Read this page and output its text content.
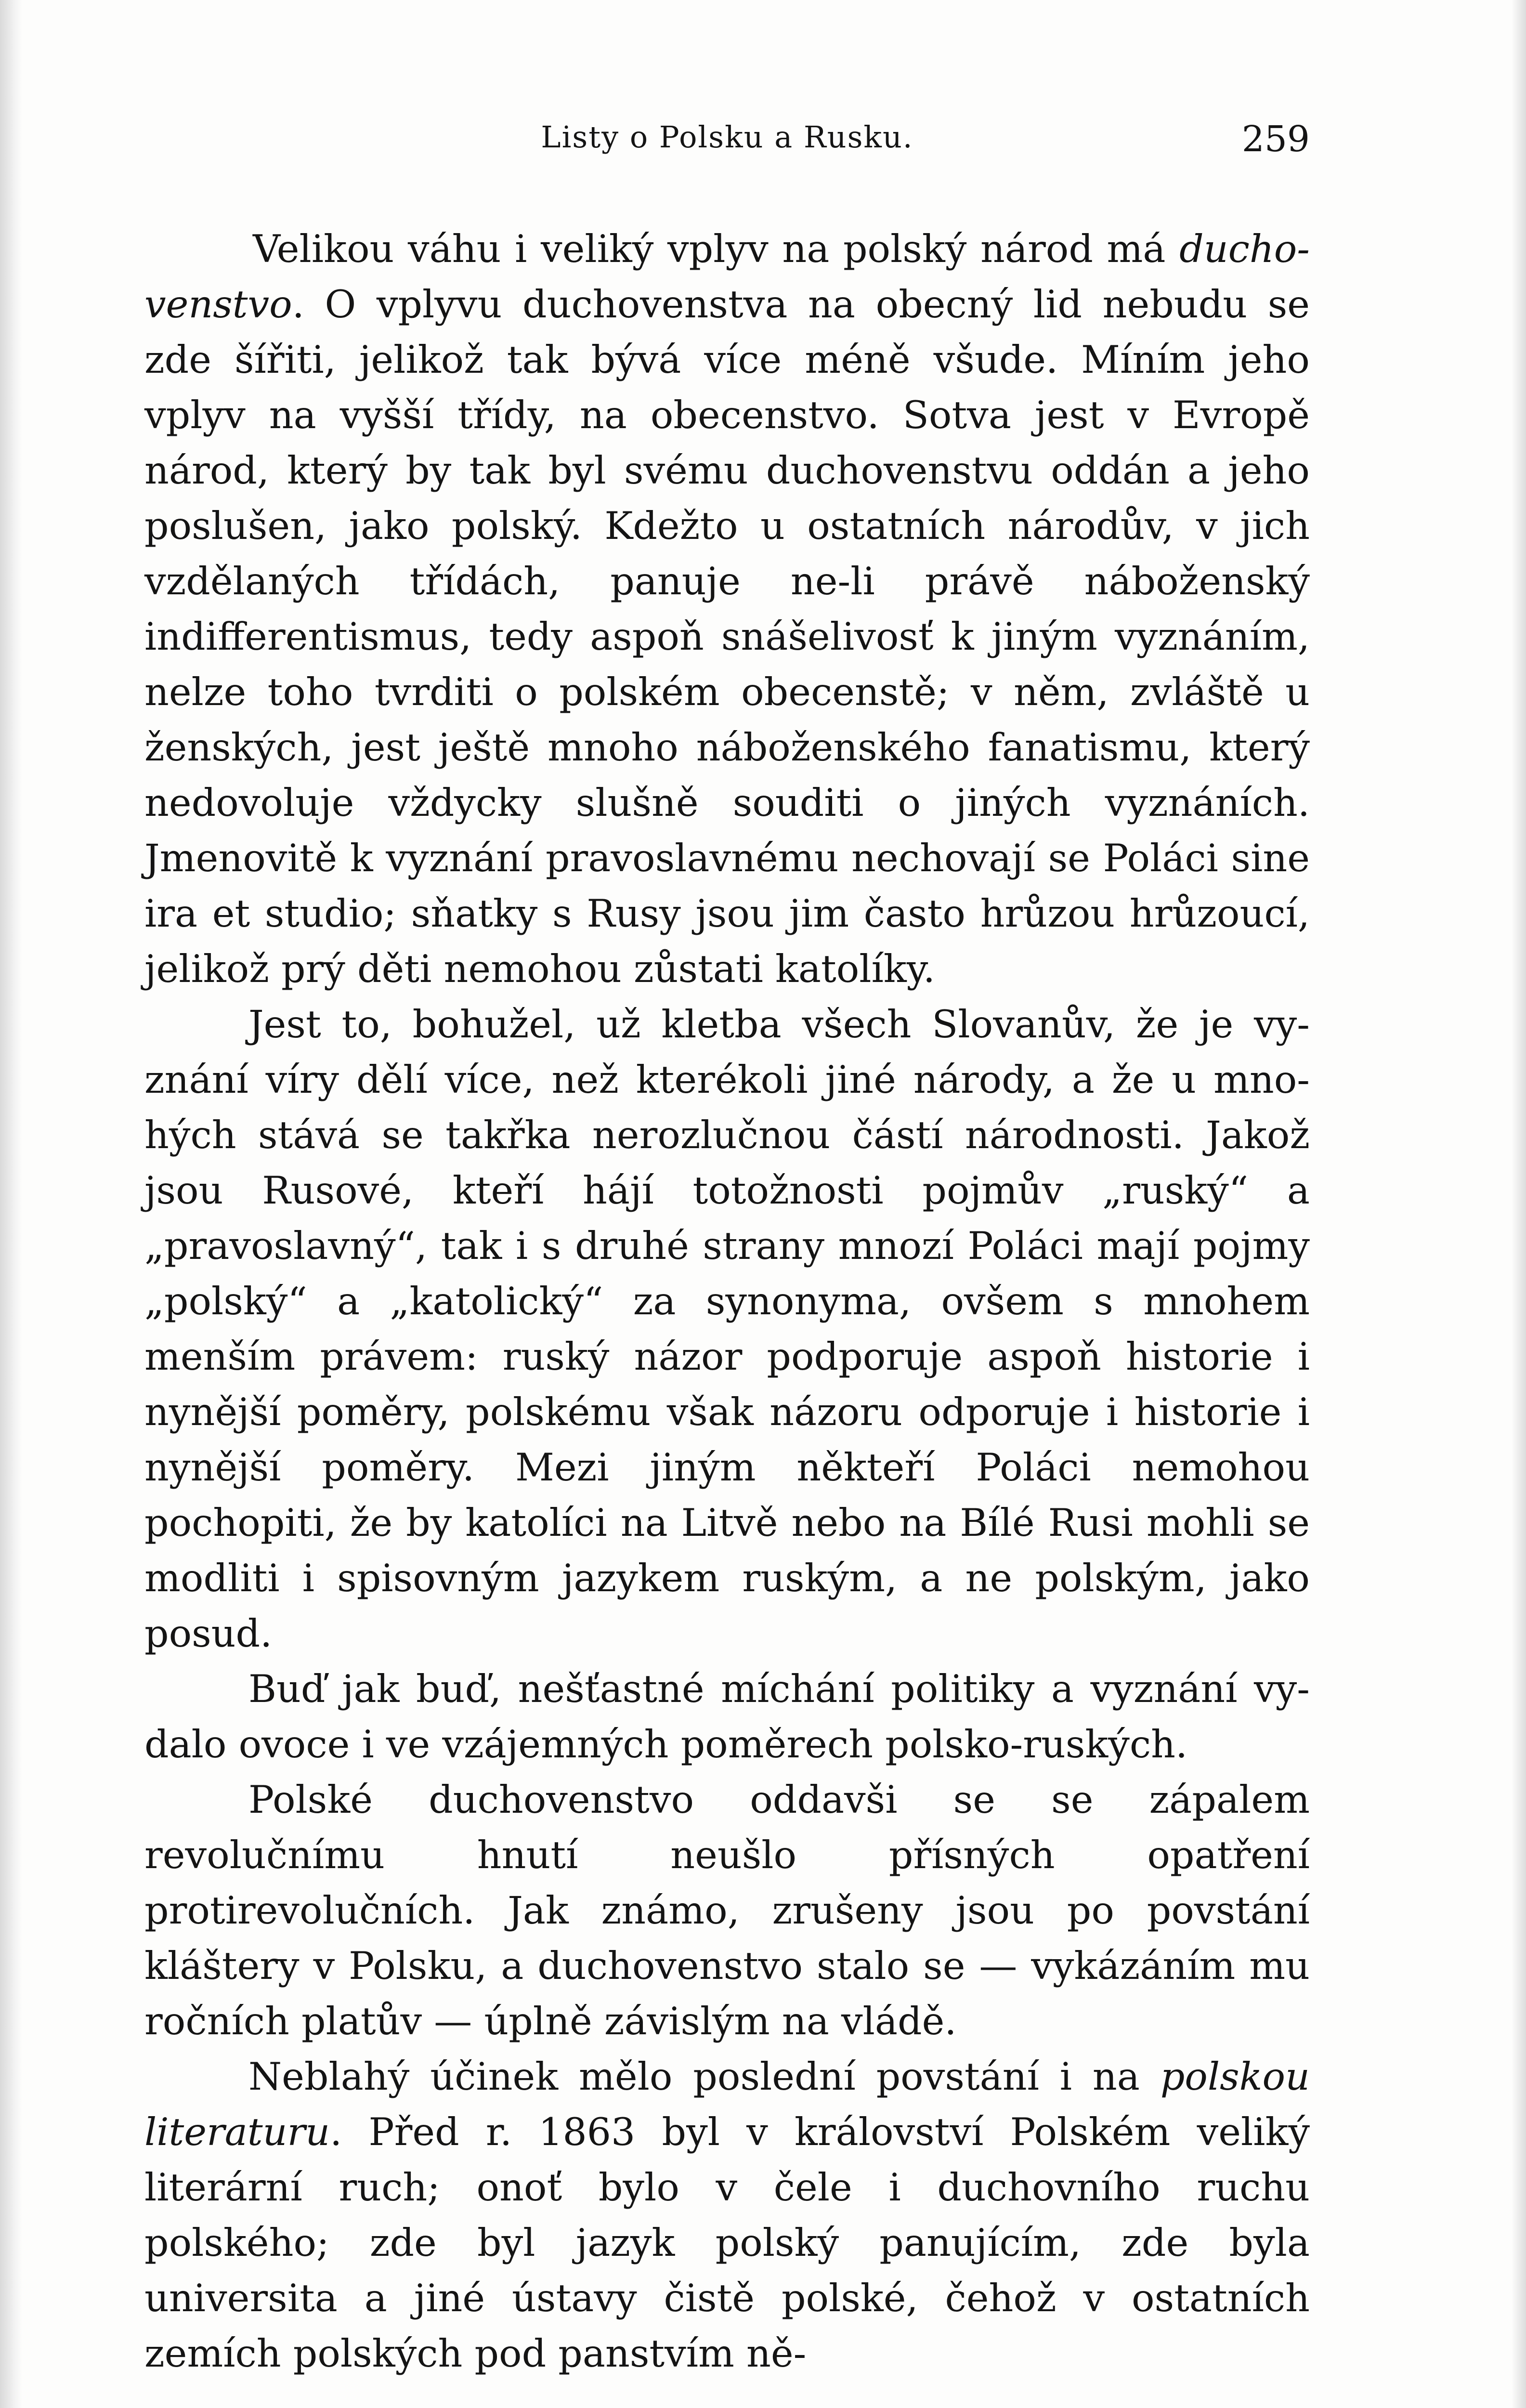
Listy o Polsku a Rusku.	259

Velikou váhu i veliký vplyv na polský národ má duchovenstvo. O vplyvu duchovenstva na obecný lid nebudu se zde šířiti, jelikož tak bývá více méně všude. Míním jeho vplyv na vyšší třídy, na obecenstvo. Sotva jest v Evropě národ, který by tak byl svému duchovenstvu oddán a jeho poslušen, jako polský. Kdežto u ostatních národův, v jich vzdělaných třídách, panuje ne-li právě náboženský indifferentismus, tedy aspoň snášelivosť k jiným vyznáním, nelze toho tvrditi o polském obecenstě; v něm, zvláště u ženských, jest ještě mnoho náboženského fanatismu, který nedovoluje vždycky slušně souditi o jiných vyznáních. Jmenovitě k vyznání pravoslavnému nechovají se Poláci sine ira et studio; sňatky s Rusy jsou jim často hrůzou hrůzoucí, jelikož prý děti nemohou zůstati katolíky.

Jest to, bohužel, už kletba všech Slovanův, že je vyznání víry dělí více, než kterékoli jiné národy, a že u mnohých stává se takřka nerozlučnou částí národnosti. Jakož jsou Rusové, kteří hájí totožnosti pojmův „ruský“ a „pravoslavný“, tak i s druhé strany mnozí Poláci mají pojmy „polský“ a „katolický“ za synonyma, ovšem s mnohem menším právem: ruský názor podporuje aspoň historie i nynější poměry, polskému však názoru odporuje i historie i nynější poměry. Mezi jiným někteří Poláci nemohou pochopiti, že by katolíci na Litvě nebo na Bílé Rusi mohli se modliti i spisovným jazykem ruským, a ne polským, jako posud.

Buď jak buď, nešťastné míchání politiky a vyznání vydalo ovoce i ve vzájemných poměrech polsko-ruských.

Polské duchovenstvo oddavši se se zápalem revolučnímu hnutí neušlo přísných opatření protirevolučních. Jak známo, zrušeny jsou po povstání kláštery v Polsku, a duchovenstvo stalo se — vykázáním mu ročních platův — úplně závislým na vládě.

Neblahý účinek mělo poslední povstání i na polskou literaturu. Před r. 1863 byl v království Polském veliký literární ruch; onoť bylo v čele i duchovního ruchu polského; zde byl jazyk polský panujícím, zde byla universita a jiné ústavy čistě polské, čehož v ostatních zemích polských pod panstvím ně-
